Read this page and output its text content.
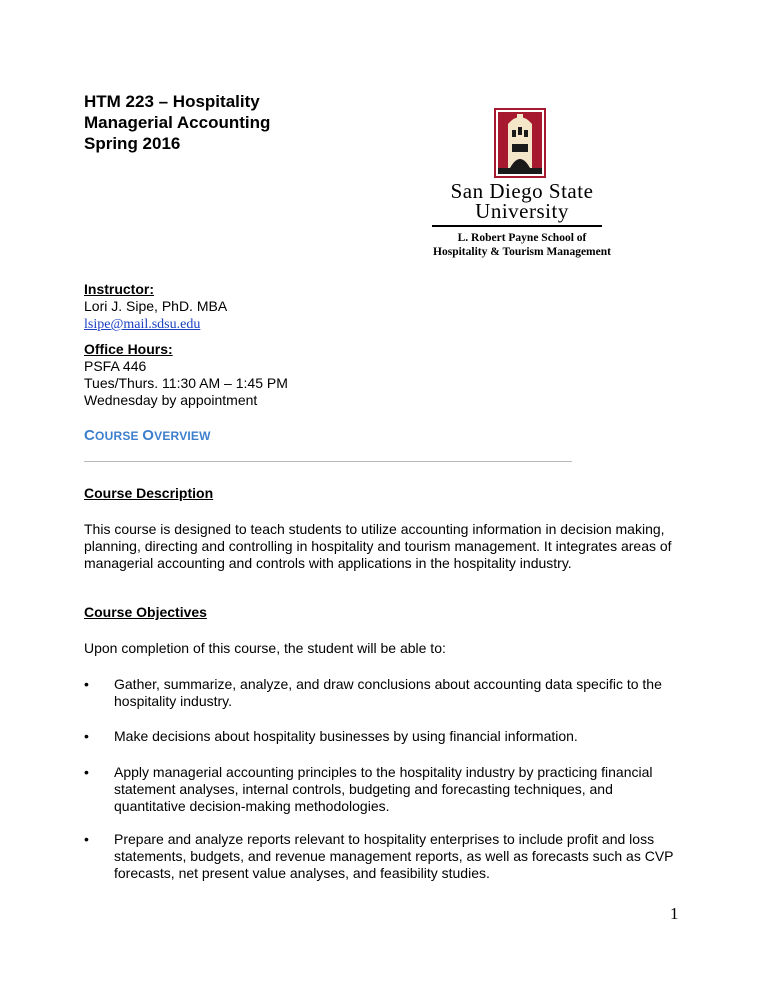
HTM 223 – Hospitality
Managerial Accounting
Spring 2016
San Diego State
University
L. Robert Payne School of
Hospitality & Tourism Management
Instructor:
Lori J. Sipe, PhD. MBA
lsipe@mail.sdsu.edu
Office Hours:
PSFA 446
Tues/Thurs. 11:30 AM – 1:45 PM
Wednesday by appointment
COURSE OVERVIEW
Course Description
This course is designed to teach students to utilize accounting information in decision making, planning, directing and controlling in hospitality and tourism management. It integrates areas of managerial accounting and controls with applications in the hospitality industry.
Course Objectives
Upon completion of this course, the student will be able to:
•	Gather, summarize, analyze, and draw conclusions about accounting data specific to the hospitality industry.
•	Make decisions about hospitality businesses by using financial information.
•	Apply managerial accounting principles to the hospitality industry by practicing financial statement analyses, internal controls, budgeting and forecasting techniques, and quantitative decision-making methodologies.
•	Prepare and analyze reports relevant to hospitality enterprises to include profit and loss statements, budgets, and revenue management reports, as well as forecasts such as CVP forecasts, net present value analyses, and feasibility studies.
1
